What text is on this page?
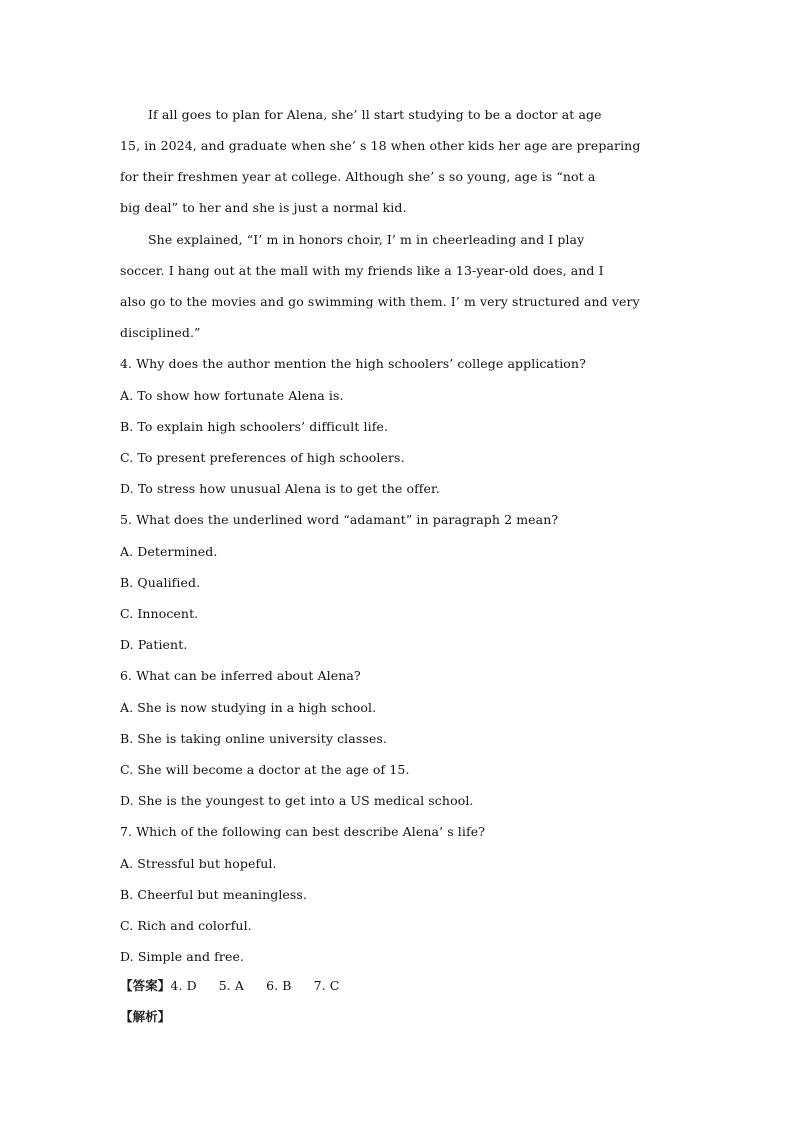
If all goes to plan for Alena, she’ ll start studying to be a doctor at age
15, in 2024, and graduate when she’ s 18 when other kids her age are preparing
for their freshmen year at college. Although she’ s so young, age is “not a
big deal” to her and she is just a normal kid.
She explained, “I’ m in honors choir, I’ m in cheerleading and I play
soccer. I hang out at the mall with my friends like a 13-year-old does, and I
also go to the movies and go swimming with them. I’ m very structured and very
disciplined.”
4. Why does the author mention the high schoolers’ college application?
A. To show how fortunate Alena is.
B. To explain high schoolers’ difficult life.
C. To present preferences of high schoolers.
D. To stress how unusual Alena is to get the offer.
5. What does the underlined word “adamant” in paragraph 2 mean?
A. Determined.
B. Qualified.
C. Innocent.
D. Patient.
6. What can be inferred about Alena?
A. She is now studying in a high school.
B. She is taking online university classes.
C. She will become a doctor at the age of 15.
D. She is the youngest to get into a US medical school.
7. Which of the following can best describe Alena’ s life?
A. Stressful but hopeful.
B. Cheerful but meaningless.
C. Rich and colorful.
D. Simple and free.
【答案】4. D 5. A 6. B 7. C
【解析】
